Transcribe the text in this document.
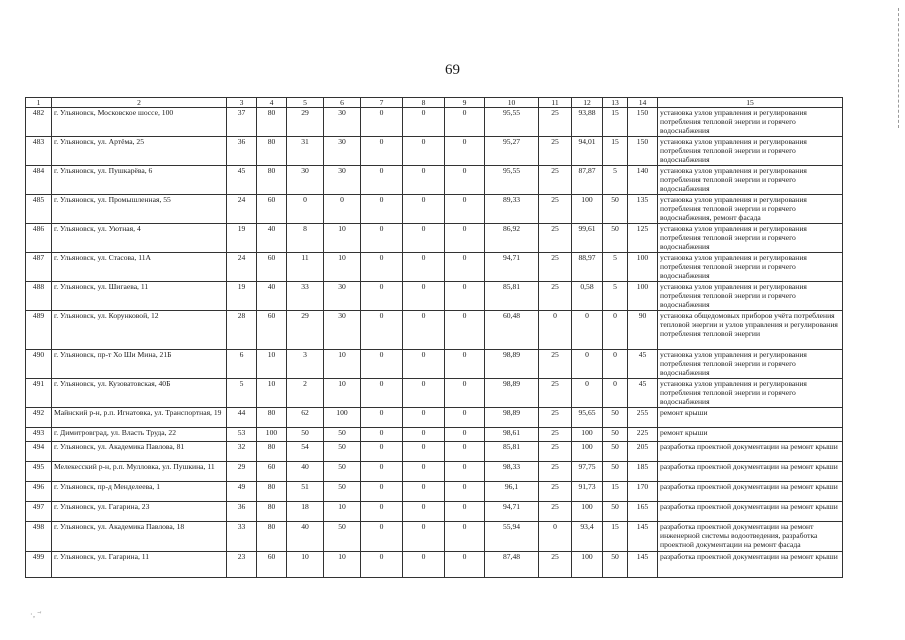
69
1	2	3	4	5	6	7	8	9	10	11	12	13	14	15
482	г. Ульяновск, Московское шоссе, 100	37	80	29	30	0	0	0	95,55	25	93,88	15	150	установка узлов управления и регулирования потребления тепловой энергии и горячего водоснабжения
483	г. Ульяновск, ул. Артёма, 25	36	80	31	30	0	0	0	95,27	25	94,01	15	150	установка узлов управления и регулирования потребления тепловой энергии и горячего водоснабжения
484	г. Ульяновск, ул. Пушкарёва, 6	45	80	30	30	0	0	0	95,55	25	87,87	5	140	установка узлов управления и регулирования потребления тепловой энергии и горячего водоснабжения
485	г. Ульяновск, ул. Промышленная, 55	24	60	0	0	0	0	0	89,33	25	100	50	135	установка узлов управления и регулирования потребления тепловой энергии и горячего водоснабжения, ремонт фасада
486	г. Ульяновск, ул. Уютная, 4	19	40	8	10	0	0	0	86,92	25	99,61	50	125	установка узлов управления и регулирования потребления тепловой энергии и горячего водоснабжения
487	г. Ульяновск, ул. Стасова, 11А	24	60	11	10	0	0	0	94,71	25	88,97	5	100	установка узлов управления и регулирования потребления тепловой энергии и горячего водоснабжения
488	г. Ульяновск, ул. Шигаева, 11	19	40	33	30	0	0	0	85,81	25	0,58	5	100	установка узлов управления и регулирования потребления тепловой энергии и горячего водоснабжения
489	г. Ульяновск, ул. Корунковой, 12	28	60	29	30	0	0	0	60,48	0	0	0	90	установка общедомовых приборов учёта потребления тепловой энергии и узлов управления и регулирования потребления тепловой энергии
490	г. Ульяновск, пр-т Хо Ши Мина, 21Б	6	10	3	10	0	0	0	98,89	25	0	0	45	установка узлов управления и регулирования потребления тепловой энергии и горячего водоснабжения
491	г. Ульяновск, ул. Кузоватовская, 40Б	5	10	2	10	0	0	0	98,89	25	0	0	45	установка узлов управления и регулирования потребления тепловой энергии и горячего водоснабжения
492	Майнский р-н, р.п. Игнатовка, ул. Транспортная, 19	44	80	62	100	0	0	0	98,89	25	95,65	50	255	ремонт крыши
493	г. Димитровград, ул. Власть Труда, 22	53	100	50	50	0	0	0	98,61	25	100	50	225	ремонт крыши
494	г. Ульяновск, ул. Академика Павлова, 81	32	80	54	50	0	0	0	85,81	25	100	50	205	разработка проектной документации на ремонт крыши
495	Мелекесский р-н, р.п. Мулловка, ул. Пушкина, 11	29	60	40	50	0	0	0	98,33	25	97,75	50	185	разработка проектной документации на ремонт крыши
496	г. Ульяновск, пр-д Менделеева, 1	49	80	51	50	0	0	0	96,1	25	91,73	15	170	разработка проектной документации на ремонт крыши
497	г. Ульяновск, ул. Гагарина, 23	36	80	18	10	0	0	0	94,71	25	100	50	165	разработка проектной документации на ремонт крыши
498	г. Ульяновск, ул. Академика Павлова, 18	33	80	40	50	0	0	0	55,94	0	93,4	15	145	разработка проектной документации на ремонт инженерной системы водоотведения, разработка проектной документации на ремонт фасада
499	г. Ульяновск, ул. Гагарина, 11	23	60	10	10	0	0	0	87,48	25	100	50	145	разработка проектной документации на ремонт крыши
·‚ ˉ'
